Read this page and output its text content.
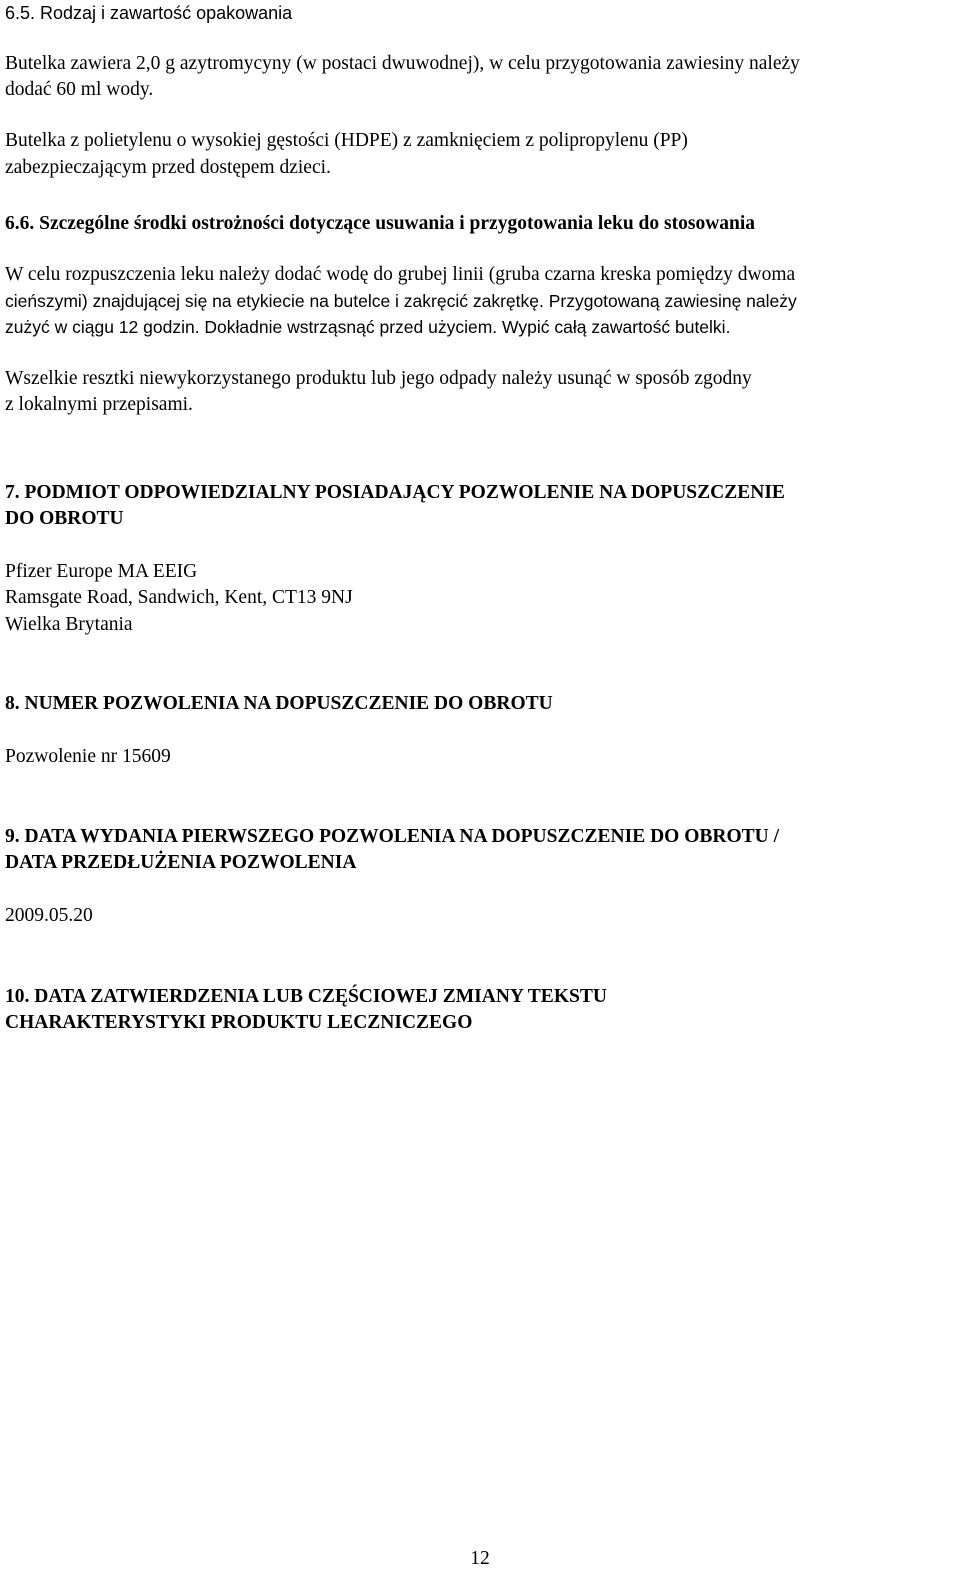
6.5. Rodzaj i zawartość opakowania

Butelka zawiera 2,0 g azytromycyny (w postaci dwuwodnej), w celu przygotowania zawiesiny należy

dodać 60 ml wody.

Butelka z polietylenu o wysokiej gęstości (HDPE) z zamknięciem z polipropylenu (PP)

zabezpieczającym przed dostępem dzieci.

6.6. Szczególne środki ostrożności dotyczące usuwania i przygotowania leku do stosowania

W celu rozpuszczenia leku należy dodać wodę do grubej linii (gruba czarna kreska pomiędzy dwoma

cieńszymi) znajdującej się na etykiecie na butelce i zakręcić zakrętkę. Przygotowaną zawiesinę należy

zużyć w ciągu 12 godzin. Dokładnie wstrząsnąć przed użyciem. Wypić całą zawartość butelki.

Wszelkie resztki niewykorzystanego produktu lub jego odpady należy usunąć w sposób zgodny

z lokalnymi przepisami.

7. PODMIOT ODPOWIEDZIALNY POSIADAJĄCY POZWOLENIE NA DOPUSZCZENIE

DO OBROTU

Pfizer Europe MA EEIG

Ramsgate Road, Sandwich, Kent, CT13 9NJ

Wielka Brytania

8. NUMER POZWOLENIA NA DOPUSZCZENIE DO OBROTU

Pozwolenie nr 15609

9. DATA WYDANIA PIERWSZEGO POZWOLENIA NA DOPUSZCZENIE DO OBROTU /

DATA PRZEDŁUŻENIA POZWOLENIA

2009.05.20

10. DATA ZATWIERDZENIA LUB CZĘŚCIOWEJ ZMIANY TEKSTU

CHARAKTERYSTYKI PRODUKTU LECZNICZEGO

12
